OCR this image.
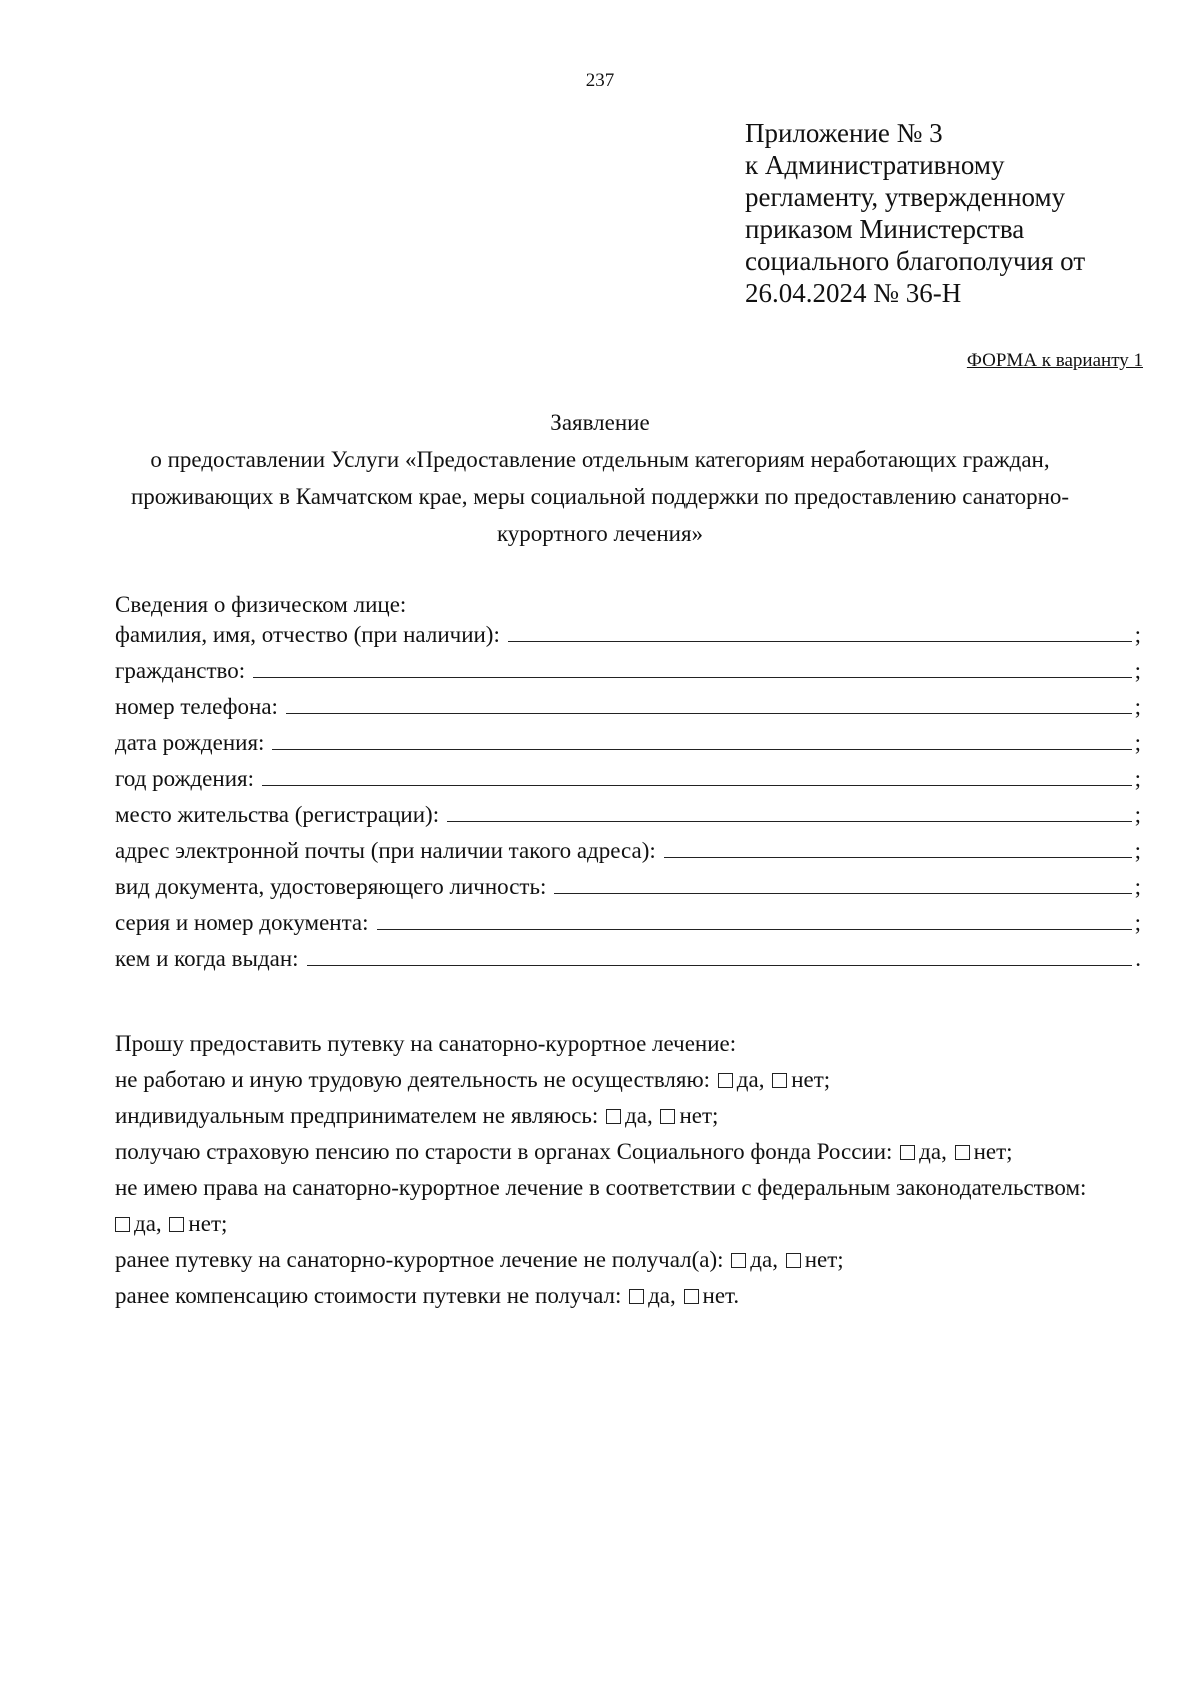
237
Приложение № 3
к Административному
регламенту, утвержденному
приказом Министерства
социального благополучия от
26.04.2024 № 36-Н
ФОРМА к варианту 1
Заявление
о предоставлении Услуги «Предоставление отдельным категориям неработающих граждан,
проживающих в Камчатском крае, меры социальной поддержки по предоставлению санаторно-
курортного лечения»
Сведения о физическом лице:
фамилия, имя, отчество (при наличии):	;
гражданство:	;
номер телефона:	;
дата рождения:	;
год рождения:	;
место жительства (регистрации):	;
адрес электронной почты (при наличии такого адреса):	;
вид документа, удостоверяющего личность:	;
серия и номер документа:	;
кем и когда выдан:	.
Прошу предоставить путевку на санаторно-курортное лечение:
не работаю и иную трудовую деятельность не осуществляю: да, нет;
индивидуальным предпринимателем не являюсь: да, нет;
получаю страховую пенсию по старости в органах Социального фонда России: да, нет;
не имею права на санаторно-курортное лечение в соответствии с федеральным законодательством:
да, нет;
ранее путевку на санаторно-курортное лечение не получал(а): да, нет;
ранее компенсацию стоимости путевки не получал: да, нет.
